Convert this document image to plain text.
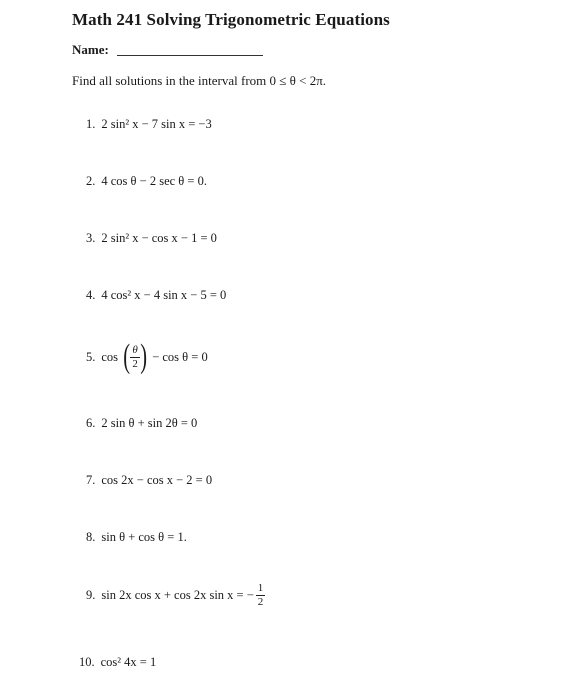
Math 241 Solving Trigonometric Equations
Name:
Find all solutions in the interval from 0 ≤ θ < 2π.
1. 2 sin² x − 7 sin x = −3
2. 4 cos θ − 2 sec θ = 0.
3. 2 sin² x − cos x − 1 = 0
4. 4 cos² x − 4 sin x − 5 = 0
5. cos ( $\frac{\theta}{2}$ ) − cos θ = 0
6. 2 sin θ + sin 2θ = 0
7. cos 2x − cos x − 2 = 0
8. sin θ + cos θ = 1.
9. sin 2x cos x + cos 2x sin x = − $\frac{1}{2}$
10. cos² 4x = 1
